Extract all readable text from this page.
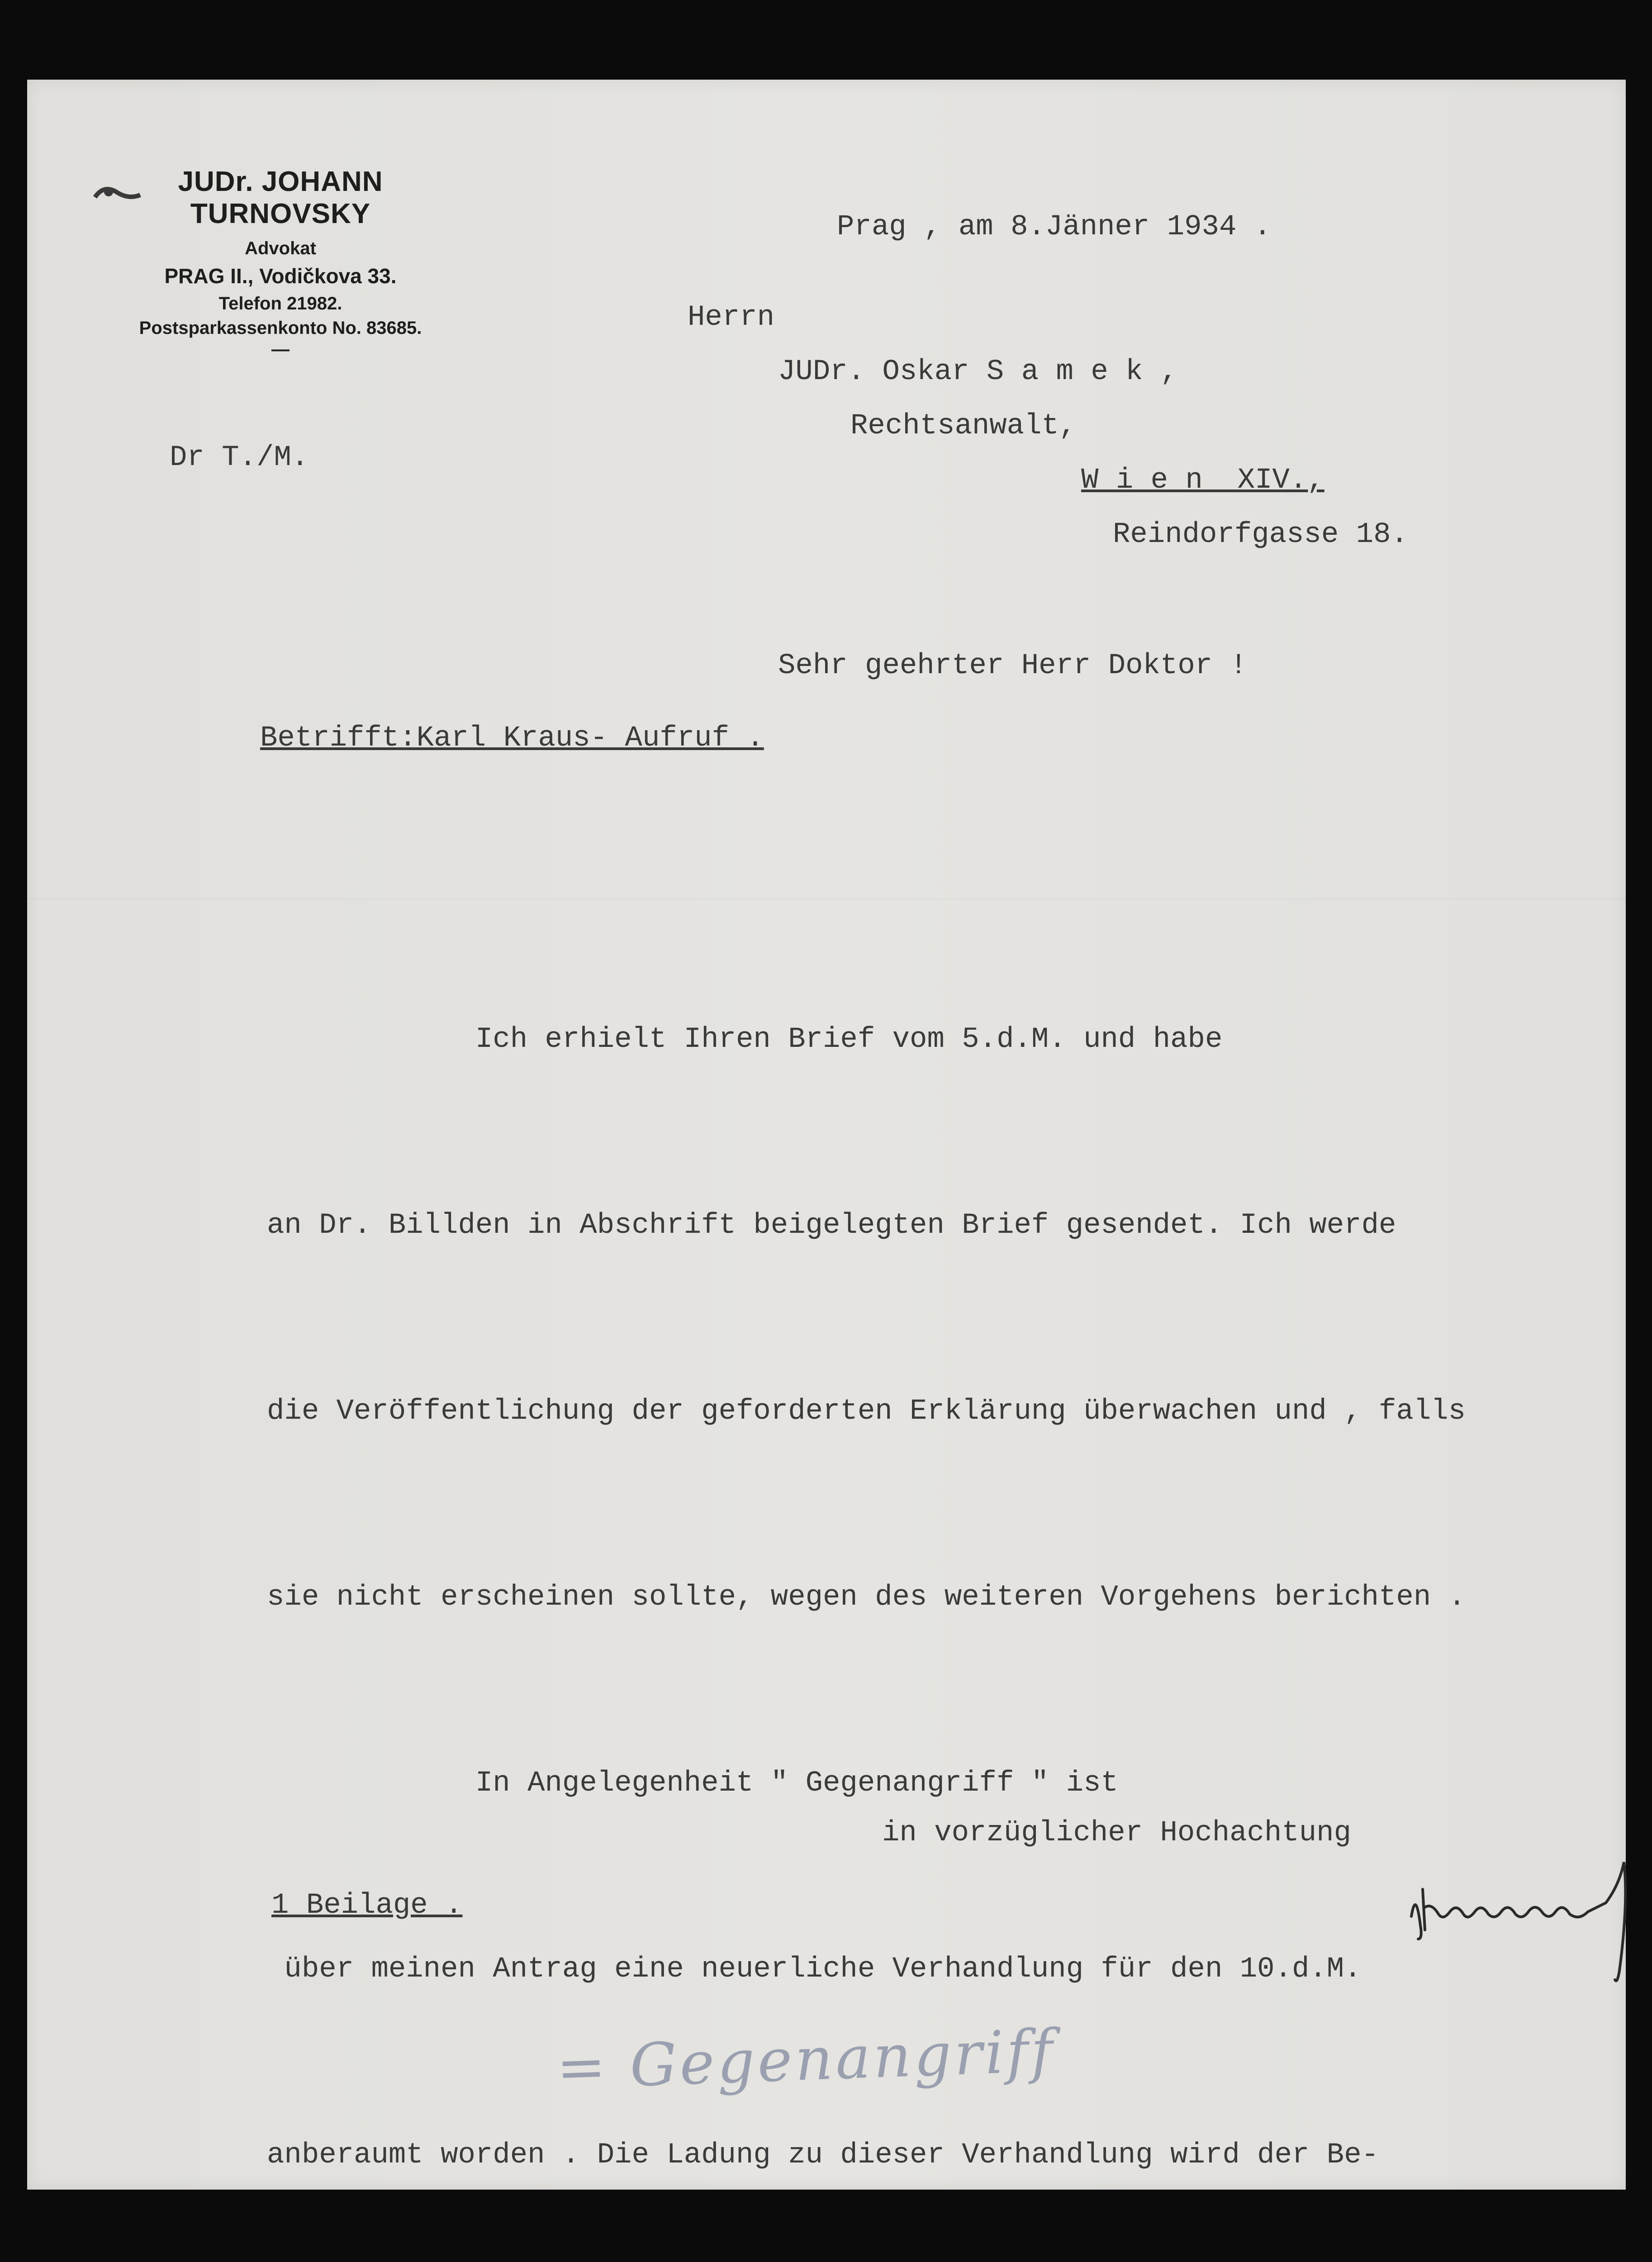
JUDr. JOHANN TURNOVSKY
Advokat
PRAG II., Vodičkova 33.
Telefon 21982.
Postsparkassenkonto No. 83685.
—

Prag , am 8.Jänner 1934 .

Herrn

JUDr. Oskar S a m e k ,

Rechtsanwalt,

W i e n  XIV.,

Reindorfgasse 18.

Dr T./M.

Sehr geehrter Herr Doktor !

Betrifft:Karl Kraus- Aufruf .

Ich erhielt Ihren Brief vom 5.d.M. und habe

an Dr. Billden in Abschrift beigelegten Brief gesendet. Ich werde

die Veröffentlichung der geforderten Erklärung überwachen und , falls

sie nicht erscheinen sollte, wegen des weiteren Vorgehens berichten .

In Angelegenheit " Gegenangriff " ist

über meinen Antrag eine neuerliche Verhandlung für den 10.d.M.

anberaumt worden . Die Ladung zu dieser Verhandlung wird der Be-

in vorzüglicher Hochachtung

1 Beilage .

= Gegenangriff
